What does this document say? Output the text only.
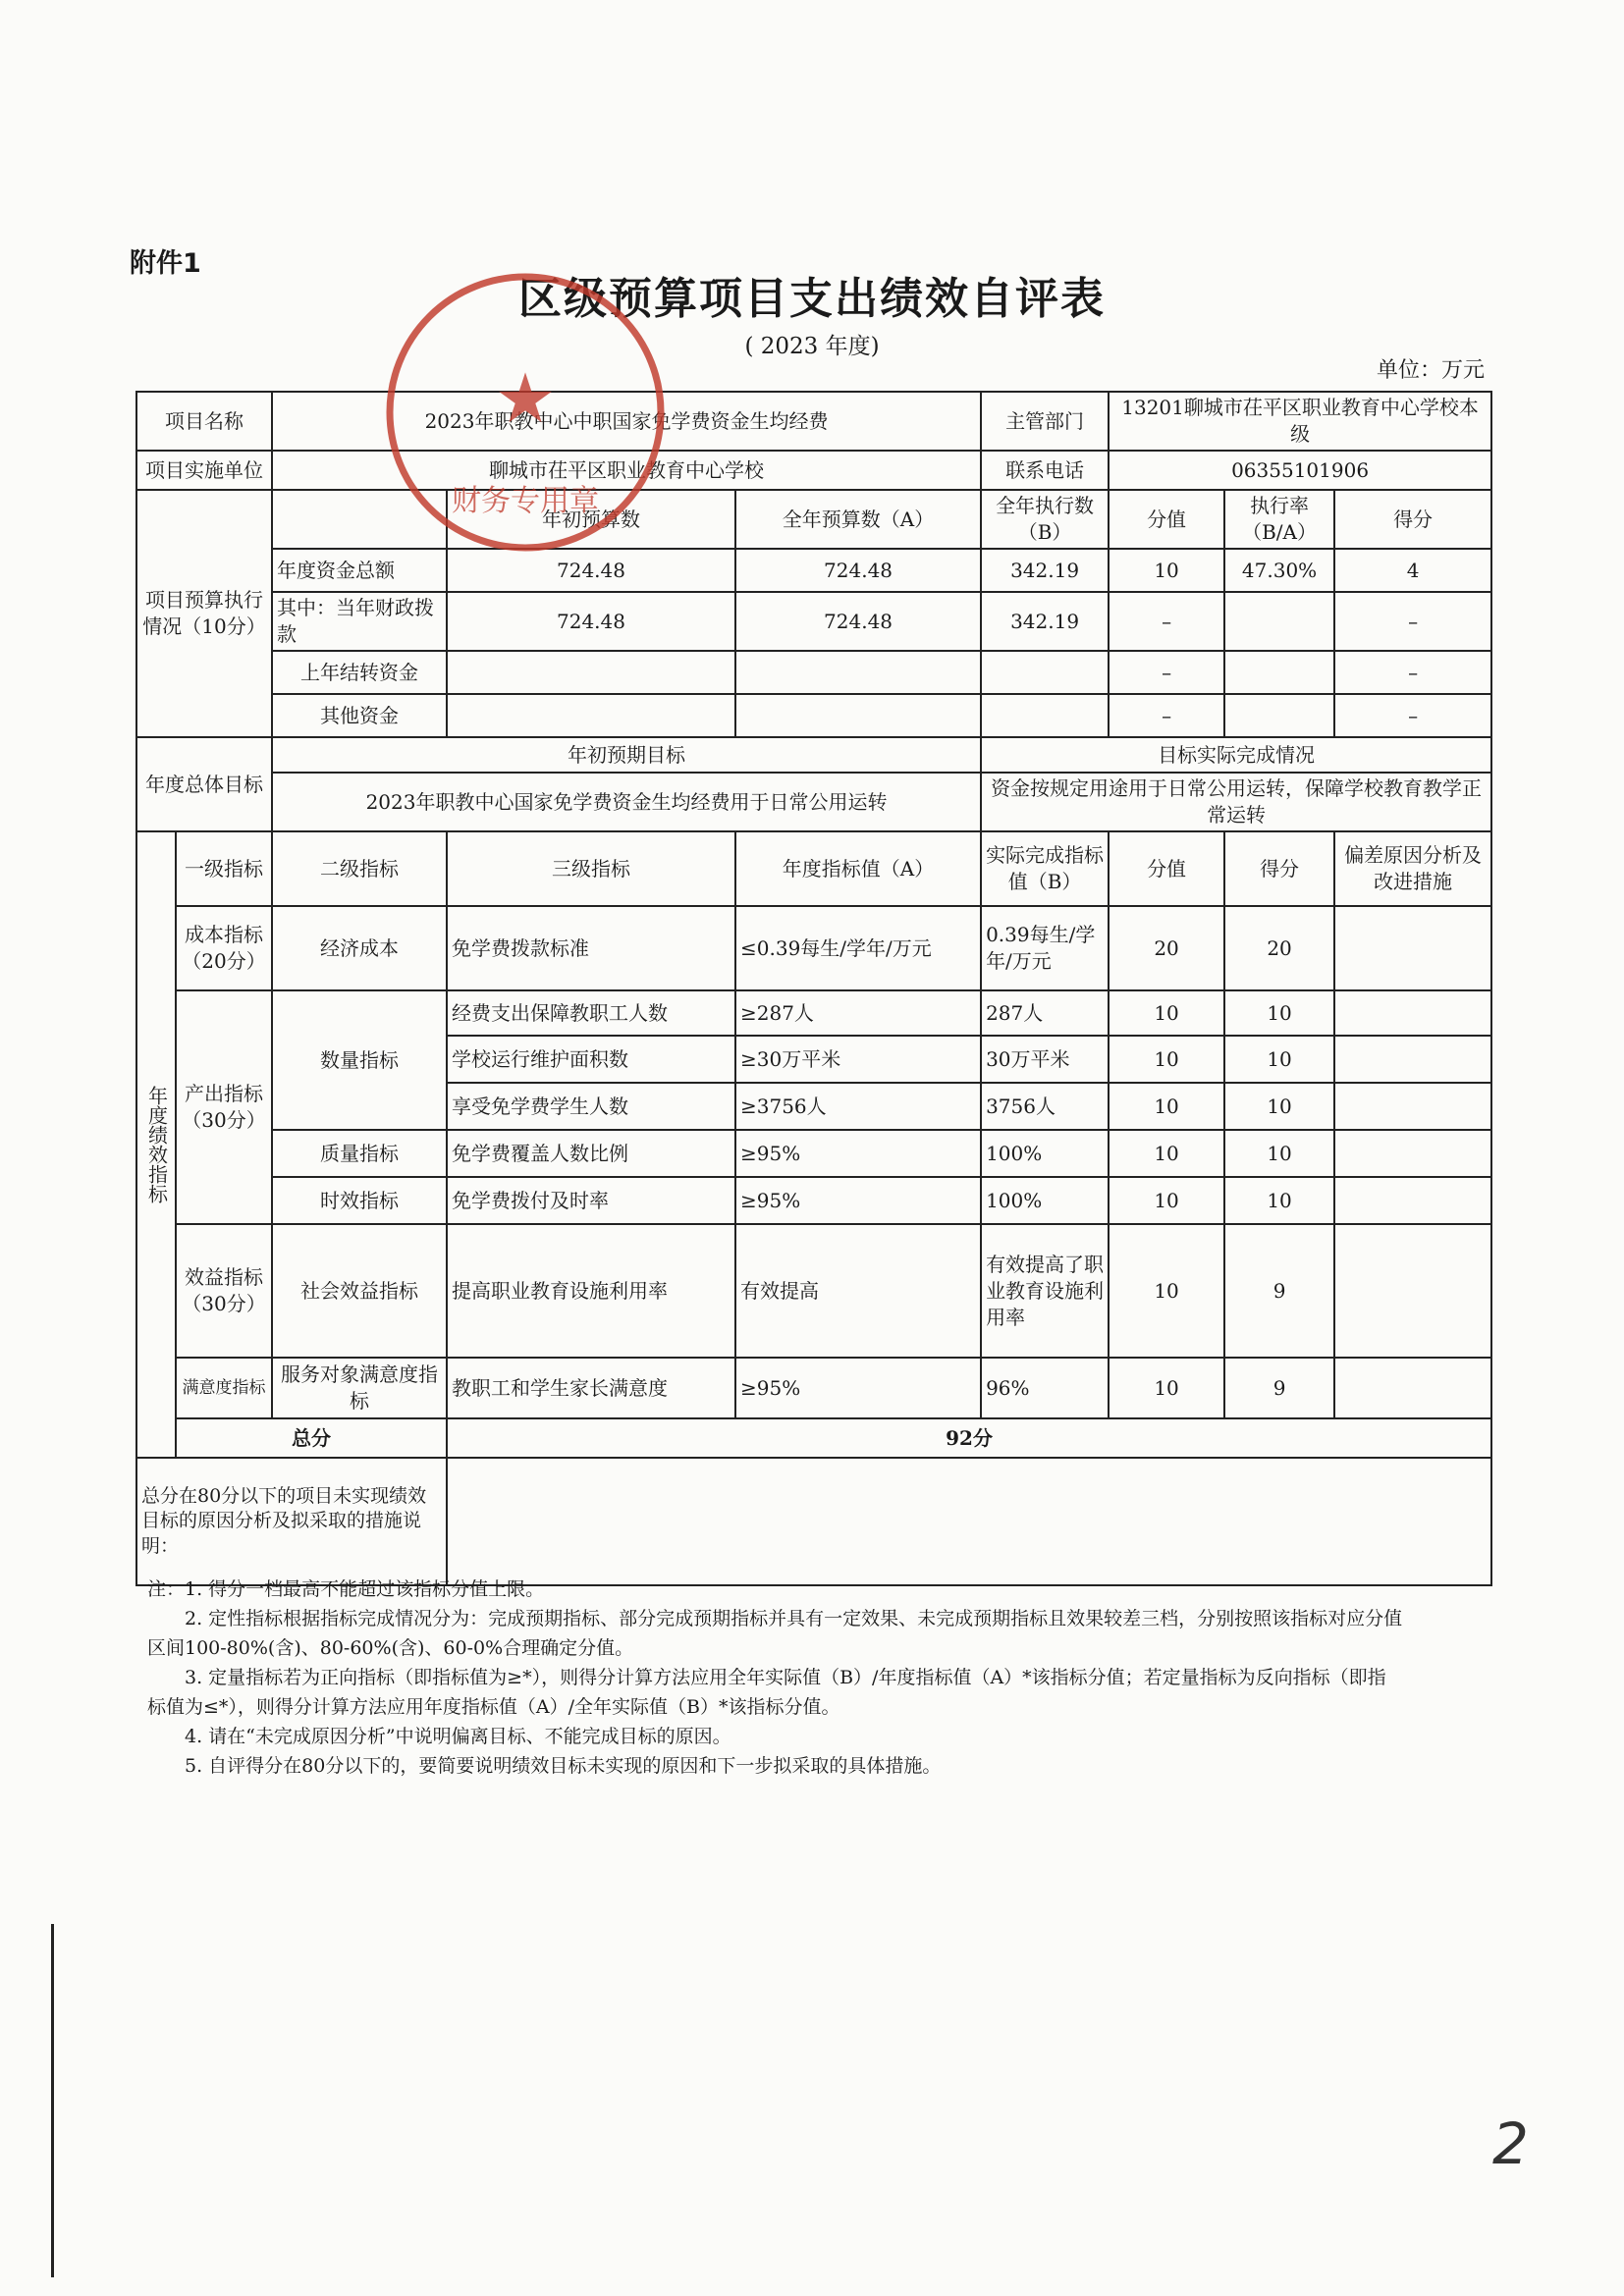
附件1
区级预算项目支出绩效自评表
( 2023 年度)
单位：万元
项目名称		2023年职教中心中职国家免学费资金生均经费			主管部门	13201聊城市茌平区职业教育中心学校本级		
项目实施单位		聊城市茌平区职业教育中心学校			联系电话	06355101906		
项目预算执行情况（10分）			年初预算数	全年预算数（A）	全年执行数（B）	分值	执行率（B/A）	得分
		年度资金总额	724.48	724.48	342.19	10	47.30%	4
		其中：当年财政拨款	724.48	724.48	342.19	–		–
		上年结转资金				–		–
		其他资金				–		–
年度总体目标		年初预期目标			目标实际完成情况			
		2023年职教中心国家免学费资金生均经费用于日常公用运转			资金按规定用途用于日常公用运转，保障学校教育教学正常运转			
年度绩效指标	一级指标	二级指标	三级指标	年度指标值（A）	实际完成指标值（B）	分值	得分	偏差原因分析及改进措施
	成本指标（20分）	经济成本	免学费拨款标准	≤0.39每生/学年/万元	0.39每生/学年/万元	20	20	
	产出指标（30分）	数量指标	经费支出保障教职工人数	≥287人	287人	10	10	
			学校运行维护面积数	≥30万平米	30万平米	10	10	
			享受免学费学生人数	≥3756人	3756人	10	10	
		质量指标	免学费覆盖人数比例	≥95%	100%	10	10	
		时效指标	免学费拨付及时率	≥95%	100%	10	10	
	效益指标（30分）	社会效益指标	提高职业教育设施利用率	有效提高	有效提高了职业教育设施利用率	10	9	
	满意度指标	服务对象满意度指标	教职工和学生家长满意度	≥95%	96%	10	9	
	总分		92分					
总分在80分以下的项目未实现绩效目标的原因分析及拟采取的措施说明：								
注：1. 得分一档最高不能超过该指标分值上限。
2. 定性指标根据指标完成情况分为：完成预期指标、部分完成预期指标并具有一定效果、未完成预期指标且效果较差三档，分别按照该指标对应分值
区间100-80%(含)、80-60%(含)、60-0%合理确定分值。
3. 定量指标若为正向指标（即指标值为≥*），则得分计算方法应用全年实际值（B）/年度指标值（A）*该指标分值；若定量指标为反向指标（即指
标值为≤*），则得分计算方法应用年度指标值（A）/全年实际值（B）*该指标分值。
4. 请在“未完成原因分析”中说明偏离目标、不能完成目标的原因。
5. 自评得分在80分以下的，要简要说明绩效目标未实现的原因和下一步拟采取的具体措施。
★
财务专用章
2
